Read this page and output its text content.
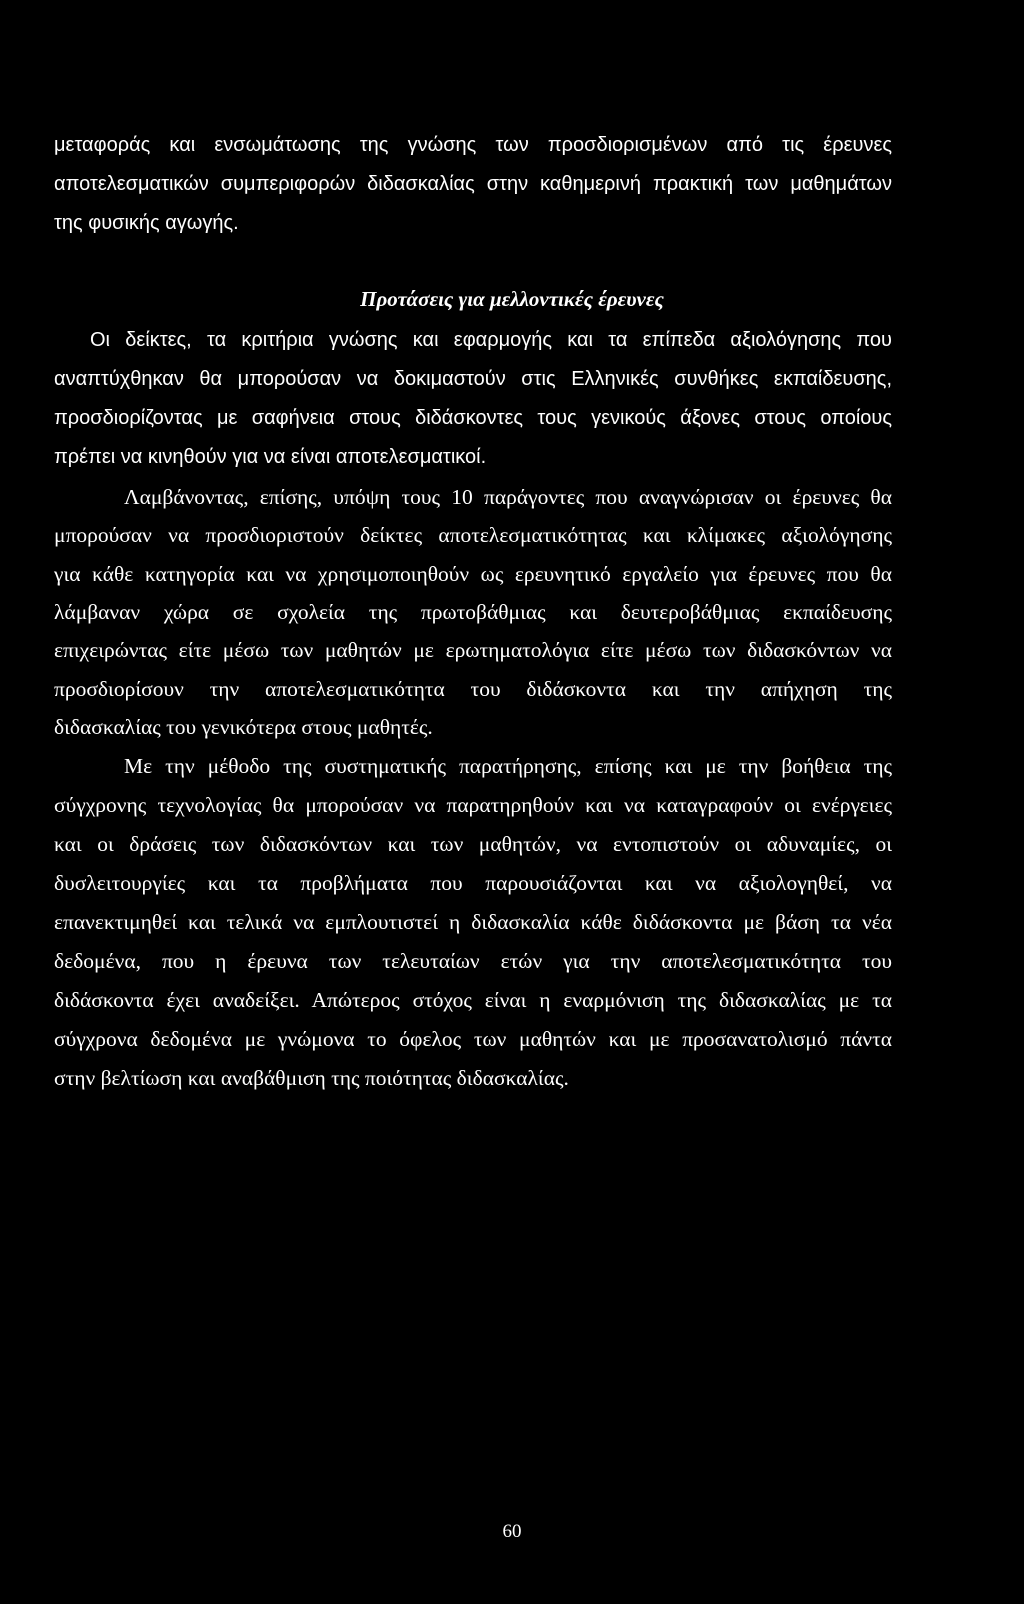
μεταφοράς και ενσωμάτωσης της γνώσης των προσδιορισμένων από τις έρευνες
αποτελεσματικών συμπεριφορών διδασκαλίας στην καθημερινή πρακτική των μαθημάτων
της φυσικής αγωγής.
Προτάσεις για μελλοντικές έρευνες
Οι δείκτες, τα κριτήρια γνώσης και εφαρμογής και τα επίπεδα αξιολόγησης που
αναπτύχθηκαν θα μπορούσαν να δοκιμαστούν στις Ελληνικές συνθήκες εκπαίδευσης,
προσδιορίζοντας με σαφήνεια στους διδάσκοντες τους γενικούς άξονες στους οποίους
πρέπει να κινηθούν για να είναι αποτελεσματικοί.
Λαμβάνοντας, επίσης, υπόψη τους 10 παράγοντες που αναγνώρισαν οι έρευνες θα
μπορούσαν να προσδιοριστούν δείκτες αποτελεσματικότητας και κλίμακες αξιολόγησης
για κάθε κατηγορία και να χρησιμοποιηθούν ως ερευνητικό εργαλείο για έρευνες που θα
λάμβαναν χώρα σε σχολεία της πρωτοβάθμιας και δευτεροβάθμιας εκπαίδευσης
επιχειρώντας είτε μέσω των μαθητών με ερωτηματολόγια είτε μέσω των διδασκόντων να
προσδιορίσουν την αποτελεσματικότητα του διδάσκοντα και την απήχηση της
διδασκαλίας του γενικότερα στους μαθητές.
Με την μέθοδο της συστηματικής παρατήρησης, επίσης και με την βοήθεια της
σύγχρονης τεχνολογίας θα μπορούσαν να παρατηρηθούν και να καταγραφούν οι ενέργειες
και οι δράσεις των διδασκόντων και των μαθητών, να εντοπιστούν οι αδυναμίες, οι
δυσλειτουργίες και τα προβλήματα που παρουσιάζονται και να αξιολογηθεί, να
επανεκτιμηθεί και τελικά να εμπλουτιστεί η διδασκαλία κάθε διδάσκοντα με βάση τα νέα
δεδομένα, που η έρευνα των τελευταίων ετών για την αποτελεσματικότητα του
διδάσκοντα έχει αναδείξει. Απώτερος στόχος είναι η εναρμόνιση της διδασκαλίας με τα
σύγχρονα δεδομένα με γνώμονα το όφελος των μαθητών και με προσανατολισμό πάντα
στην βελτίωση και αναβάθμιση της ποιότητας διδασκαλίας.
60
